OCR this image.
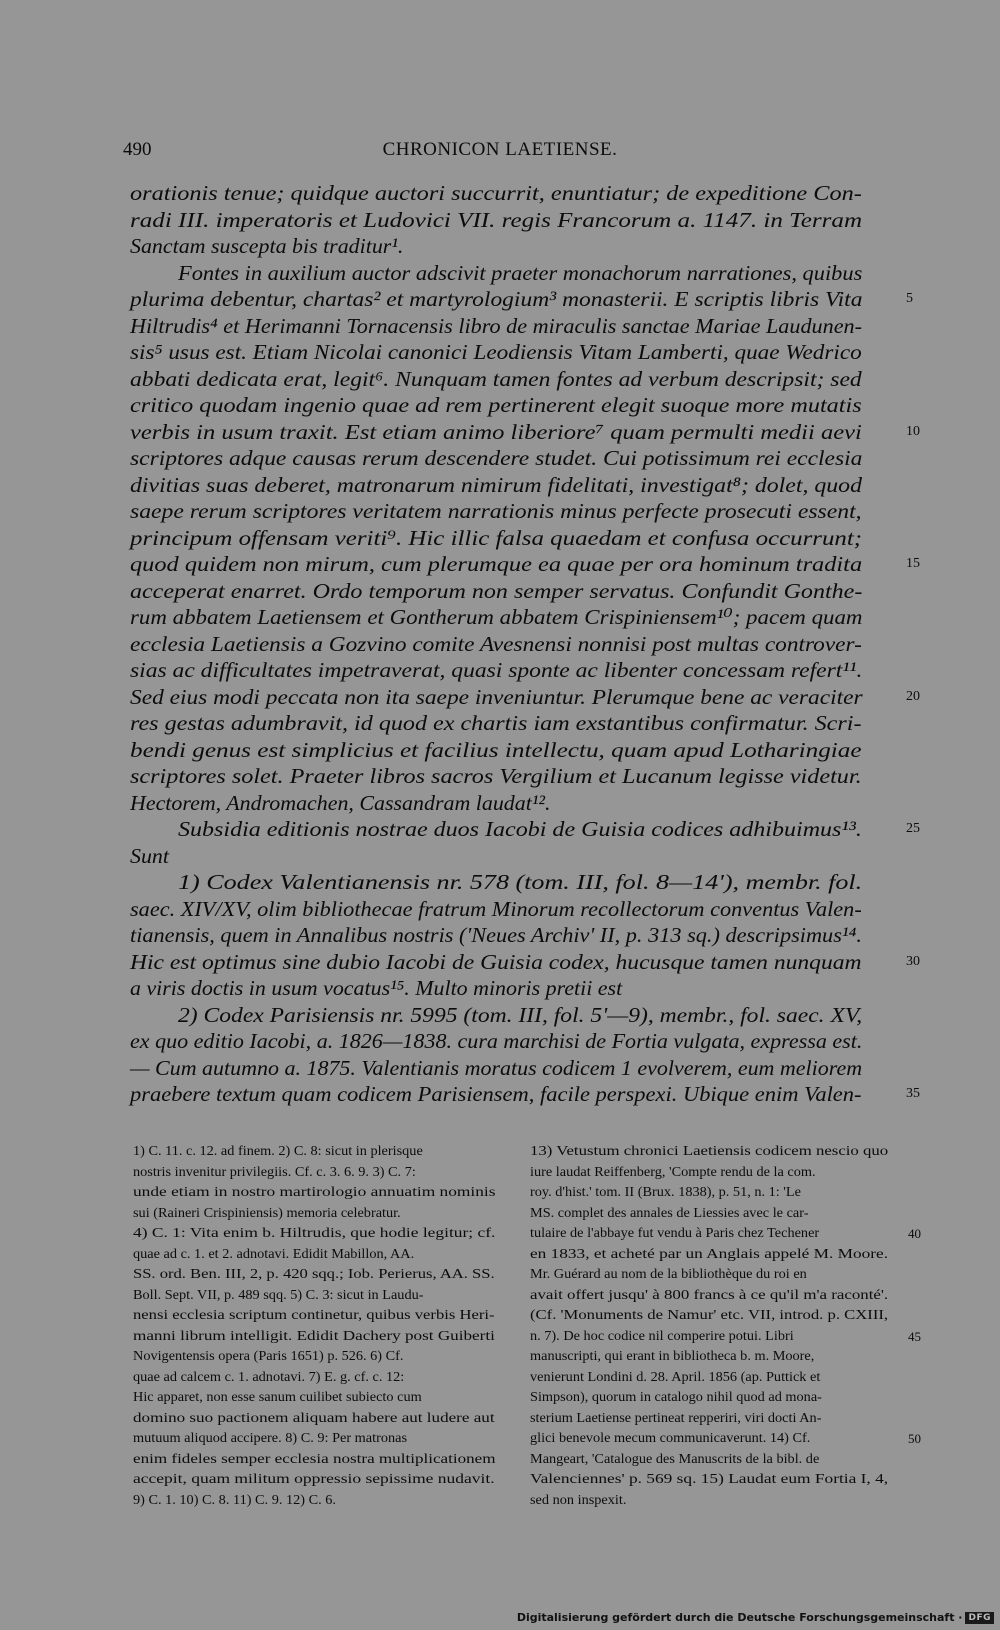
490	CHRONICON LAETIENSE.
orationis tenue; quidque auctori succurrit, enuntiatur; de expeditione Con-
radi III. imperatoris et Ludovici VII. regis Francorum a. 1147. in Terram
Sanctam suscepta bis traditur¹.
Fontes in auxilium auctor adscivit praeter monachorum narrationes, quibus
plurima debentur, chartas² et martyrologium³ monasterii. E scriptis libris Vita	5
Hiltrudis⁴ et Herimanni Tornacensis libro de miraculis sanctae Mariae Laudunen-
sis⁵ usus est. Etiam Nicolai canonici Leodiensis Vitam Lamberti, quae Wedrico
abbati dedicata erat, legit⁶. Nunquam tamen fontes ad verbum descripsit; sed
critico quodam ingenio quae ad rem pertinerent elegit suoque more mutatis
verbis in usum traxit. Est etiam animo liberiore⁷ quam permulti medii aevi	10
scriptores adque causas rerum descendere studet. Cui potissimum rei ecclesia
divitias suas deberet, matronarum nimirum fidelitati, investigat⁸; dolet, quod
saepe rerum scriptores veritatem narrationis minus perfecte prosecuti essent,
principum offensam veriti⁹. Hic illic falsa quaedam et confusa occurrunt;
quod quidem non mirum, cum plerumque ea quae per ora hominum tradita	15
acceperat enarret. Ordo temporum non semper servatus. Confundit Gonthe-
rum abbatem Laetiensem et Gontherum abbatem Crispiniensem¹⁰; pacem quam
ecclesia Laetiensis a Gozvino comite Avesnensi nonnisi post multas controver-
sias ac difficultates impetraverat, quasi sponte ac libenter concessam refert¹¹.
Sed eius modi peccata non ita saepe inveniuntur. Plerumque bene ac veraciter	20
res gestas adumbravit, id quod ex chartis iam exstantibus confirmatur. Scri-
bendi genus est simplicius et facilius intellectu, quam apud Lotharingiae
scriptores solet. Praeter libros sacros Vergilium et Lucanum legisse videtur.
Hectorem, Andromachen, Cassandram laudat¹².
Subsidia editionis nostrae duos Iacobi de Guisia codices adhibuimus¹³.	25
Sunt
1) Codex Valentianensis nr. 578 (tom. III, fol. 8—14'), membr. fol.
saec. XIV/XV, olim bibliothecae fratrum Minorum recollectorum conventus Valen-
tianensis, quem in Annalibus nostris ('Neues Archiv' II, p. 313 sq.) descripsimus¹⁴.
Hic est optimus sine dubio Iacobi de Guisia codex, hucusque tamen nunquam	30
a viris doctis in usum vocatus¹⁵. Multo minoris pretii est
2) Codex Parisiensis nr. 5995 (tom. III, fol. 5'—9), membr., fol. saec. XV,
ex quo editio Iacobi, a. 1826—1838. cura marchisi de Fortia vulgata, expressa est.
— Cum autumno a. 1875. Valentianis moratus codicem 1 evolverem, eum meliorem
praebere textum quam codicem Parisiensem, facile perspexi. Ubique enim Valen-	35
1) C. 11. c. 12. ad finem. 2) C. 8: sicut in plerisque
nostris invenitur privilegiis. Cf. c. 3. 6. 9. 3) C. 7:
unde etiam in nostro martirologio annuatim nominis
sui (Raineri Crispiniensis) memoria celebratur.
4) C. 1: Vita enim b. Hiltrudis, que hodie legitur; cf.
quae ad c. 1. et 2. adnotavi. Edidit Mabillon, AA.
SS. ord. Ben. III, 2, p. 420 sqq.; Iob. Perierus, AA. SS.
Boll. Sept. VII, p. 489 sqq. 5) C. 3: sicut in Laudu-
nensi ecclesia scriptum continetur, quibus verbis Heri-
manni librum intelligit. Edidit Dachery post Guiberti
Novigentensis opera (Paris 1651) p. 526. 6) Cf.
quae ad calcem c. 1. adnotavi. 7) E. g. cf. c. 12:
Hic apparet, non esse sanum cuilibet subiecto cum
domino suo pactionem aliquam habere aut ludere aut
mutuum aliquod accipere. 8) C. 9: Per matronas
enim fideles semper ecclesia nostra multiplicationem
accepit, quam militum oppressio sepissime nudavit.
9) C. 1. 10) C. 8. 11) C. 9. 12) C. 6.
13) Vetustum chronici Laetiensis codicem nescio quo
iure laudat Reiffenberg, 'Compte rendu de la com.
roy. d'hist.' tom. II (Brux. 1838), p. 51, n. 1: 'Le
MS. complet des annales de Liessies avec le car-
tulaire de l'abbaye fut vendu à Paris chez Techener	40
en 1833, et acheté par un Anglais appelé M. Moore.
Mr. Guérard au nom de la bibliothèque du roi en
avait offert jusqu' à 800 francs à ce qu'il m'a raconté'.
(Cf. 'Monuments de Namur' etc. VII, introd. p. CXIII,
n. 7). De hoc codice nil comperire potui. Libri	45
manuscripti, qui erant in bibliotheca b. m. Moore,
venierunt Londini d. 28. April. 1856 (ap. Puttick et
Simpson), quorum in catalogo nihil quod ad mona-
sterium Laetiense pertineat repperiri, viri docti An-
glici benevole mecum communicaverunt. 14) Cf.	50
Mangeart, 'Catalogue des Manuscrits de la bibl. de
Valenciennes' p. 569 sq. 15) Laudat eum Fortia I, 4,
sed non inspexit.
Digitalisierung gefördert durch die Deutsche Forschungsgemeinschaft · DFG
